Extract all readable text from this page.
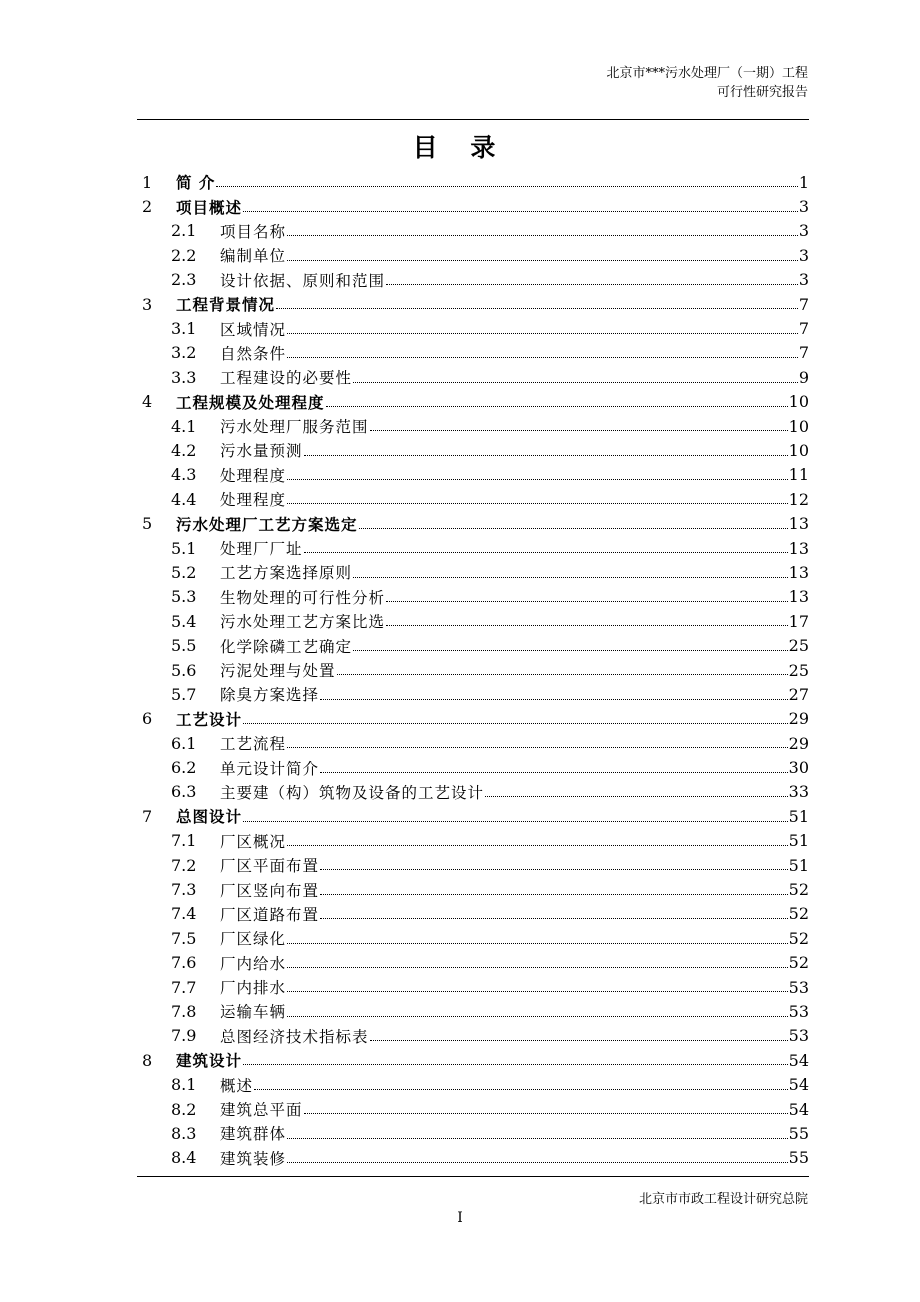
北京市***污水处理厂（一期）工程
可行性研究报告
目 录
1	简 介	1
2	项目概述	3
2.1	项目名称	3
2.2	编制单位	3
2.3	设计依据、原则和范围	3
3	工程背景情况	7
3.1	区域情况	7
3.2	自然条件	7
3.3	工程建设的必要性	9
4	工程规模及处理程度	10
4.1	污水处理厂服务范围	10
4.2	污水量预测	10
4.3	处理程度	11
4.4	处理程度	12
5	污水处理厂工艺方案选定	13
5.1	处理厂厂址	13
5.2	工艺方案选择原则	13
5.3	生物处理的可行性分析	13
5.4	污水处理工艺方案比选	17
5.5	化学除磷工艺确定	25
5.6	污泥处理与处置	25
5.7	除臭方案选择	27
6	工艺设计	29
6.1	工艺流程	29
6.2	单元设计简介	30
6.3	主要建（构）筑物及设备的工艺设计	33
7	总图设计	51
7.1	厂区概况	51
7.2	厂区平面布置	51
7.3	厂区竖向布置	52
7.4	厂区道路布置	52
7.5	厂区绿化	52
7.6	厂内给水	52
7.7	厂内排水	53
7.8	运输车辆	53
7.9	总图经济技术指标表	53
8	建筑设计	54
8.1	概述	54
8.2	建筑总平面	54
8.3	建筑群体	55
8.4	建筑装修	55
北京市市政工程设计研究总院
I
